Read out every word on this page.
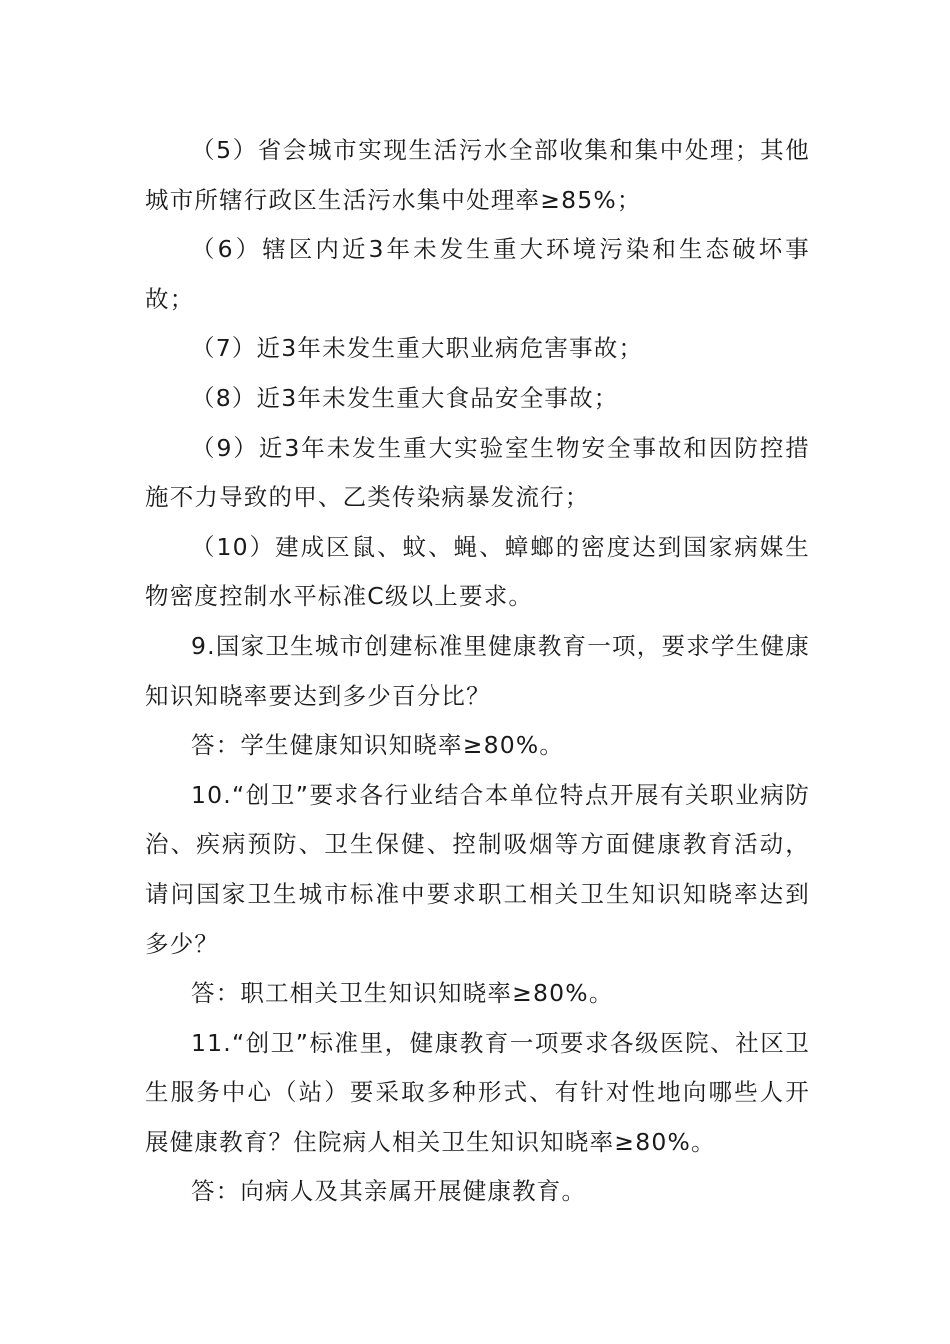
（5）省会城市实现生活污水全部收集和集中处理；其他城市所辖行政区生活污水集中处理率≥85%；

（6）辖区内近3年未发生重大环境污染和生态破坏事故；

（7）近3年未发生重大职业病危害事故；

（8）近3年未发生重大食品安全事故；

（9）近3年未发生重大实验室生物安全事故和因防控措施不力导致的甲、乙类传染病暴发流行；

（10）建成区鼠、蚊、蝇、蟑螂的密度达到国家病媒生物密度控制水平标准C级以上要求。

9.国家卫生城市创建标准里健康教育一项，要求学生健康知识知晓率要达到多少百分比？

答：学生健康知识知晓率≥80%。

10.“创卫”要求各行业结合本单位特点开展有关职业病防治、疾病预防、卫生保健、控制吸烟等方面健康教育活动，请问国家卫生城市标准中要求职工相关卫生知识知晓率达到多少？

答：职工相关卫生知识知晓率≥80%。

11.“创卫”标准里，健康教育一项要求各级医院、社区卫生服务中心（站）要采取多种形式、有针对性地向哪些人开展健康教育？住院病人相关卫生知识知晓率≥80%。

答：向病人及其亲属开展健康教育。
